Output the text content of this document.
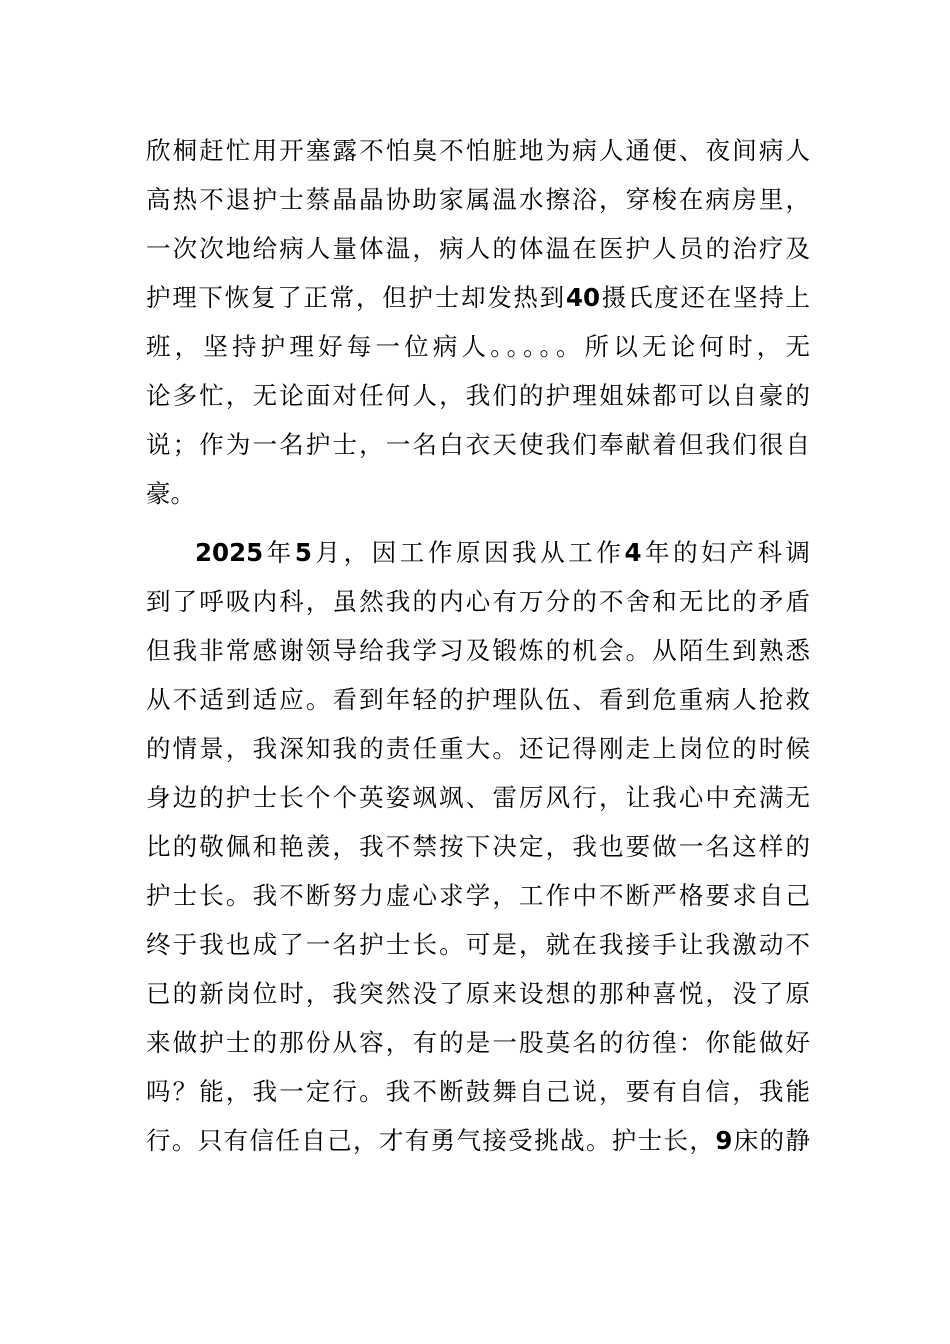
欣桐赶忙用开塞露不怕臭不怕脏地为病人通便、夜间病人
高热不退护士蔡晶晶协助家属温水擦浴，穿梭在病房里，
一次次地给病人量体温，病人的体温在医护人员的治疗及
护理下恢复了正常，但护士却发热到40摄氏度还在坚持上
班，坚持护理好每一位病人。。。。。所以无论何时，无
论多忙，无论面对任何人，我们的护理姐妹都可以自豪的
说；作为一名护士，一名白衣天使我们奉献着但我们很自
豪。
2025年5月，因工作原因我从工作4年的妇产科调
到了呼吸内科，虽然我的内心有万分的不舍和无比的矛盾
但我非常感谢领导给我学习及锻炼的机会。从陌生到熟悉
从不适到适应。看到年轻的护理队伍、看到危重病人抢救
的情景，我深知我的责任重大。还记得刚走上岗位的时候
身边的护士长个个英姿飒飒、雷厉风行，让我心中充满无
比的敬佩和艳羡，我不禁按下决定，我也要做一名这样的
护士长。我不断努力虚心求学，工作中不断严格要求自己
终于我也成了一名护士长。可是，就在我接手让我激动不
已的新岗位时，我突然没了原来设想的那种喜悦，没了原
来做护士的那份从容，有的是一股莫名的彷徨：你能做好
吗？能，我一定行。我不断鼓舞自己说，要有自信，我能
行。只有信任自己，才有勇气接受挑战。护士长，9床的静
